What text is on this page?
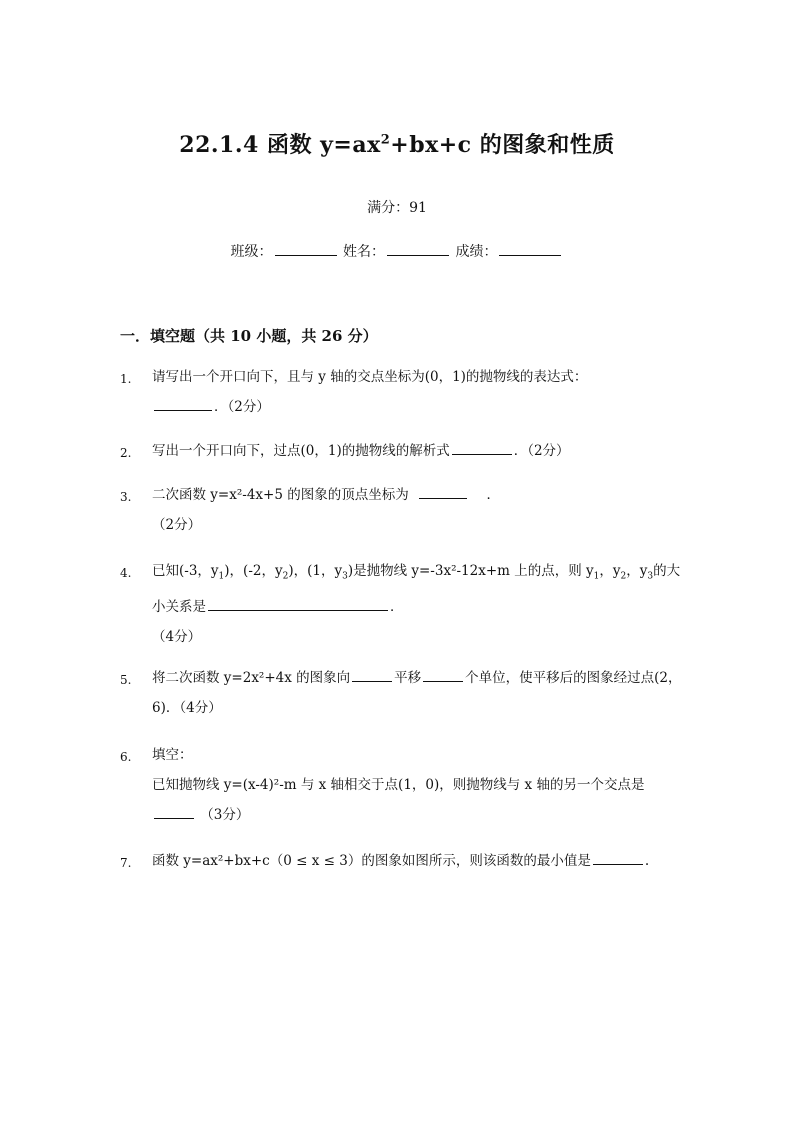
22.1.4 函数 $y=ax^2+bx+c$ 的图象和性质
满分：91
班级：	姓名：	成绩：
一．填空题（共 10 小题，共 26 分）
1. 请写出一个开口向下，且与 y 轴的交点坐标为(0，1)的抛物线的表达式：
．（2分）
2. 写出一个开口向下，过点(0，1)的抛物线的解析式	．（2分）
3. 二次函数 y=x²-4x+5 的图象的顶点坐标为	．
（2分）
4. 已知(-3，$y_1$)，(-2，$y_2$)，(1，$y_3$)是抛物线 y=-3x²-12x+m 上的点，则 $y_1$，$y_2$，$y_3$的大
小关系是	．
（4分）
5. 将二次函数 y=2x²+4x 的图象向	平移	个单位，使平移后的图象经过点(2，
6)．（4分）
6. 填空：
已知抛物线 y=(x-4)²-m 与 x 轴相交于点(1，0)，则抛物线与 x 轴的另一个交点是
（3分）
7. 函数 y=ax²+bx+c（0 ≤ x ≤ 3）的图象如图所示，则该函数的最小值是	.
